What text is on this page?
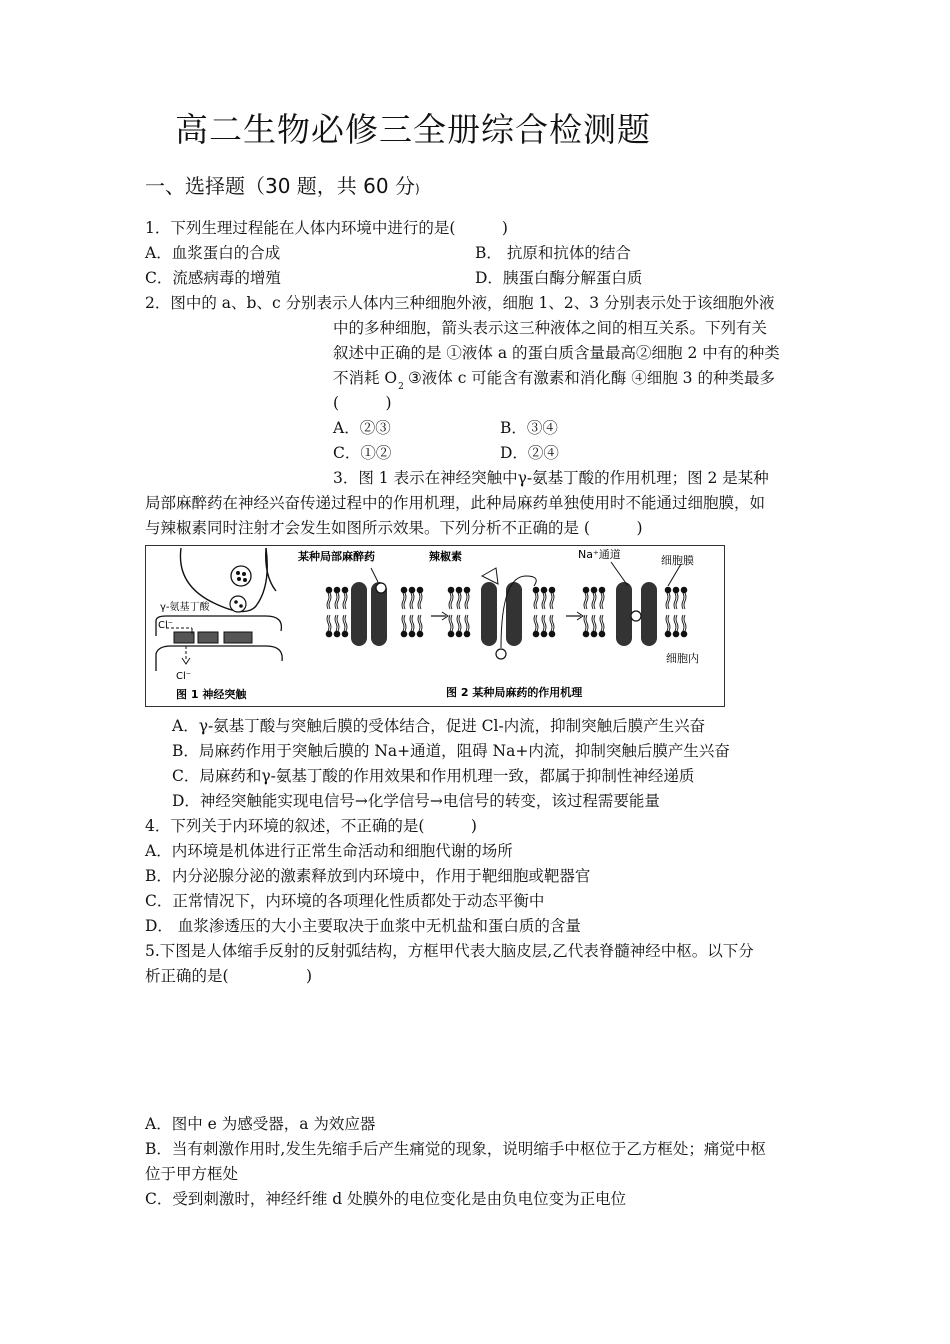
高二生物必修三全册综合检测题
一、选择题（30 题，共 60 分)
1．下列生理过程能在人体内环境中进行的是(　　　)
A．血浆蛋白的合成	B． 抗原和抗体的结合
C．流感病毒的增殖	D．胰蛋白酶分解蛋白质
2．图中的 a、b、c 分别表示人体内三种细胞外液，细胞 1、2、3 分别表示处于该细胞外液
中的多种细胞，箭头表示这三种液体之间的相互关系。下列有关
叙述中正确的是 ①液体 a 的蛋白质含量最高②细胞 2 中有的种类
不消耗 $O_2$ ③液体 c 可能含有激素和消化酶 ④细胞 3 的种类最多
(　　　)
A．②③	B．③④
C．①②	D．②④
3．图 1 表示在神经突触中γ-氨基丁酸的作用机理；图 2 是某种
局部麻醉药在神经兴奋传递过程中的作用机理，此种局麻药单独使用时不能通过细胞膜，如
与辣椒素同时注射才会发生如图所示效果。下列分析不正确的是 (　　　)
γ-氨基丁酸
Cl⁻
Cl⁻
图 1 神经突触
某种局部麻醉药	辣椒素	Na⁺通道	细胞膜
细胞内
图 2 某种局麻药的作用机理
A．γ-氨基丁酸与突触后膜的受体结合，促进 Cl-内流，抑制突触后膜产生兴奋
B．局麻药作用于突触后膜的 Na+通道，阻碍 Na+内流，抑制突触后膜产生兴奋
C．局麻药和γ-氨基丁酸的作用效果和作用机理一致，都属于抑制性神经递质
D．神经突触能实现电信号→化学信号→电信号的转变，该过程需要能量
4．下列关于内环境的叙述，不正确的是(　　　)
A．内环境是机体进行正常生命活动和细胞代谢的场所
B．内分泌腺分泌的激素释放到内环境中，作用于靶细胞或靶器官
C．正常情况下，内环境的各项理化性质都处于动态平衡中
D． 血浆渗透压的大小主要取决于血浆中无机盐和蛋白质的含量
5.下图是人体缩手反射的反射弧结构，方框甲代表大脑皮层,乙代表脊髓神经中枢。以下分
析正确的是(　　　　　)
A．图中 e 为感受器，a 为效应器
B．当有刺激作用时,发生先缩手后产生痛觉的现象，说明缩手中枢位于乙方框处；痛觉中枢
位于甲方框处
C．受到刺激时，神经纤维 d 处膜外的电位变化是由负电位变为正电位
